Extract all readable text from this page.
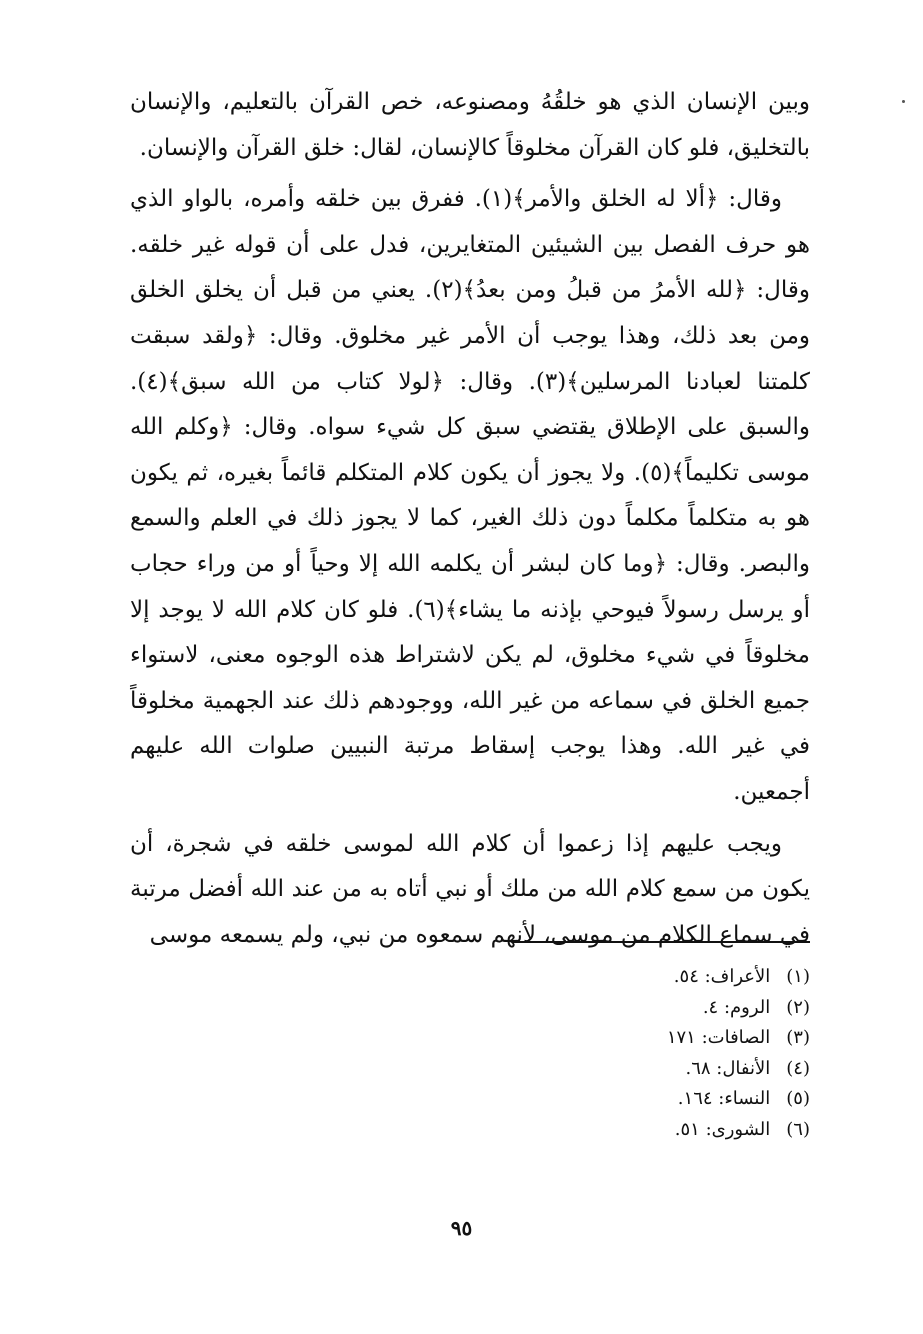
وبين الإنسان الذي هو خلقُهُ ومصنوعه، خص القرآن بالتعليم، والإنسان بالتخليق، فلو كان القرآن مخلوقاً كالإنسان، لقال: خلق القرآن والإنسان.

وقال: ﴿ألا له الخلق والأمر﴾(١). ففرق بين خلقه وأمره، بالواو الذي هو حرف الفصل بين الشيئين المتغايرين، فدل على أن قوله غير خلقه. وقال: ﴿لله الأمرُ من قبلُ ومن بعدُ﴾(٢). يعني من قبل أن يخلق الخلق ومن بعد ذلك، وهذا يوجب أن الأمر غير مخلوق. وقال: ﴿ولقد سبقت كلمتنا لعبادنا المرسلين﴾(٣). وقال: ﴿لولا كتاب من الله سبق﴾(٤). والسبق على الإطلاق يقتضي سبق كل شيء سواه. وقال: ﴿وكلم الله موسى تكليماً﴾(٥). ولا يجوز أن يكون كلام المتكلم قائماً بغيره، ثم يكون هو به متكلماً مكلماً دون ذلك الغير، كما لا يجوز ذلك في العلم والسمع والبصر. وقال: ﴿وما كان لبشر أن يكلمه الله إلا وحياً أو من وراء حجاب أو يرسل رسولاً فيوحي بإذنه ما يشاء﴾(٦). فلو كان كلام الله لا يوجد إلا مخلوقاً في شيء مخلوق، لم يكن لاشتراط هذه الوجوه معنى، لاستواء جميع الخلق في سماعه من غير الله، ووجودهم ذلك عند الجهمية مخلوقاً في غير الله. وهذا يوجب إسقاط مرتبة النبيين صلوات الله عليهم أجمعين.

ويجب عليهم إذا زعموا أن كلام الله لموسى خلقه في شجرة، أن يكون من سمع كلام الله من ملك أو نبي أتاه به من عند الله أفضل مرتبة في سماع الكلام من موسى، لأنهم سمعوه من نبي، ولم يسمعه موسى

(١) الأعراف: ٥٤.
(٢) الروم: ٤.
(٣) الصافات: ١٧١
(٤) الأنفال: ٦٨.
(٥) النساء: ١٦٤.
(٦) الشورى: ٥١.
٩٥
